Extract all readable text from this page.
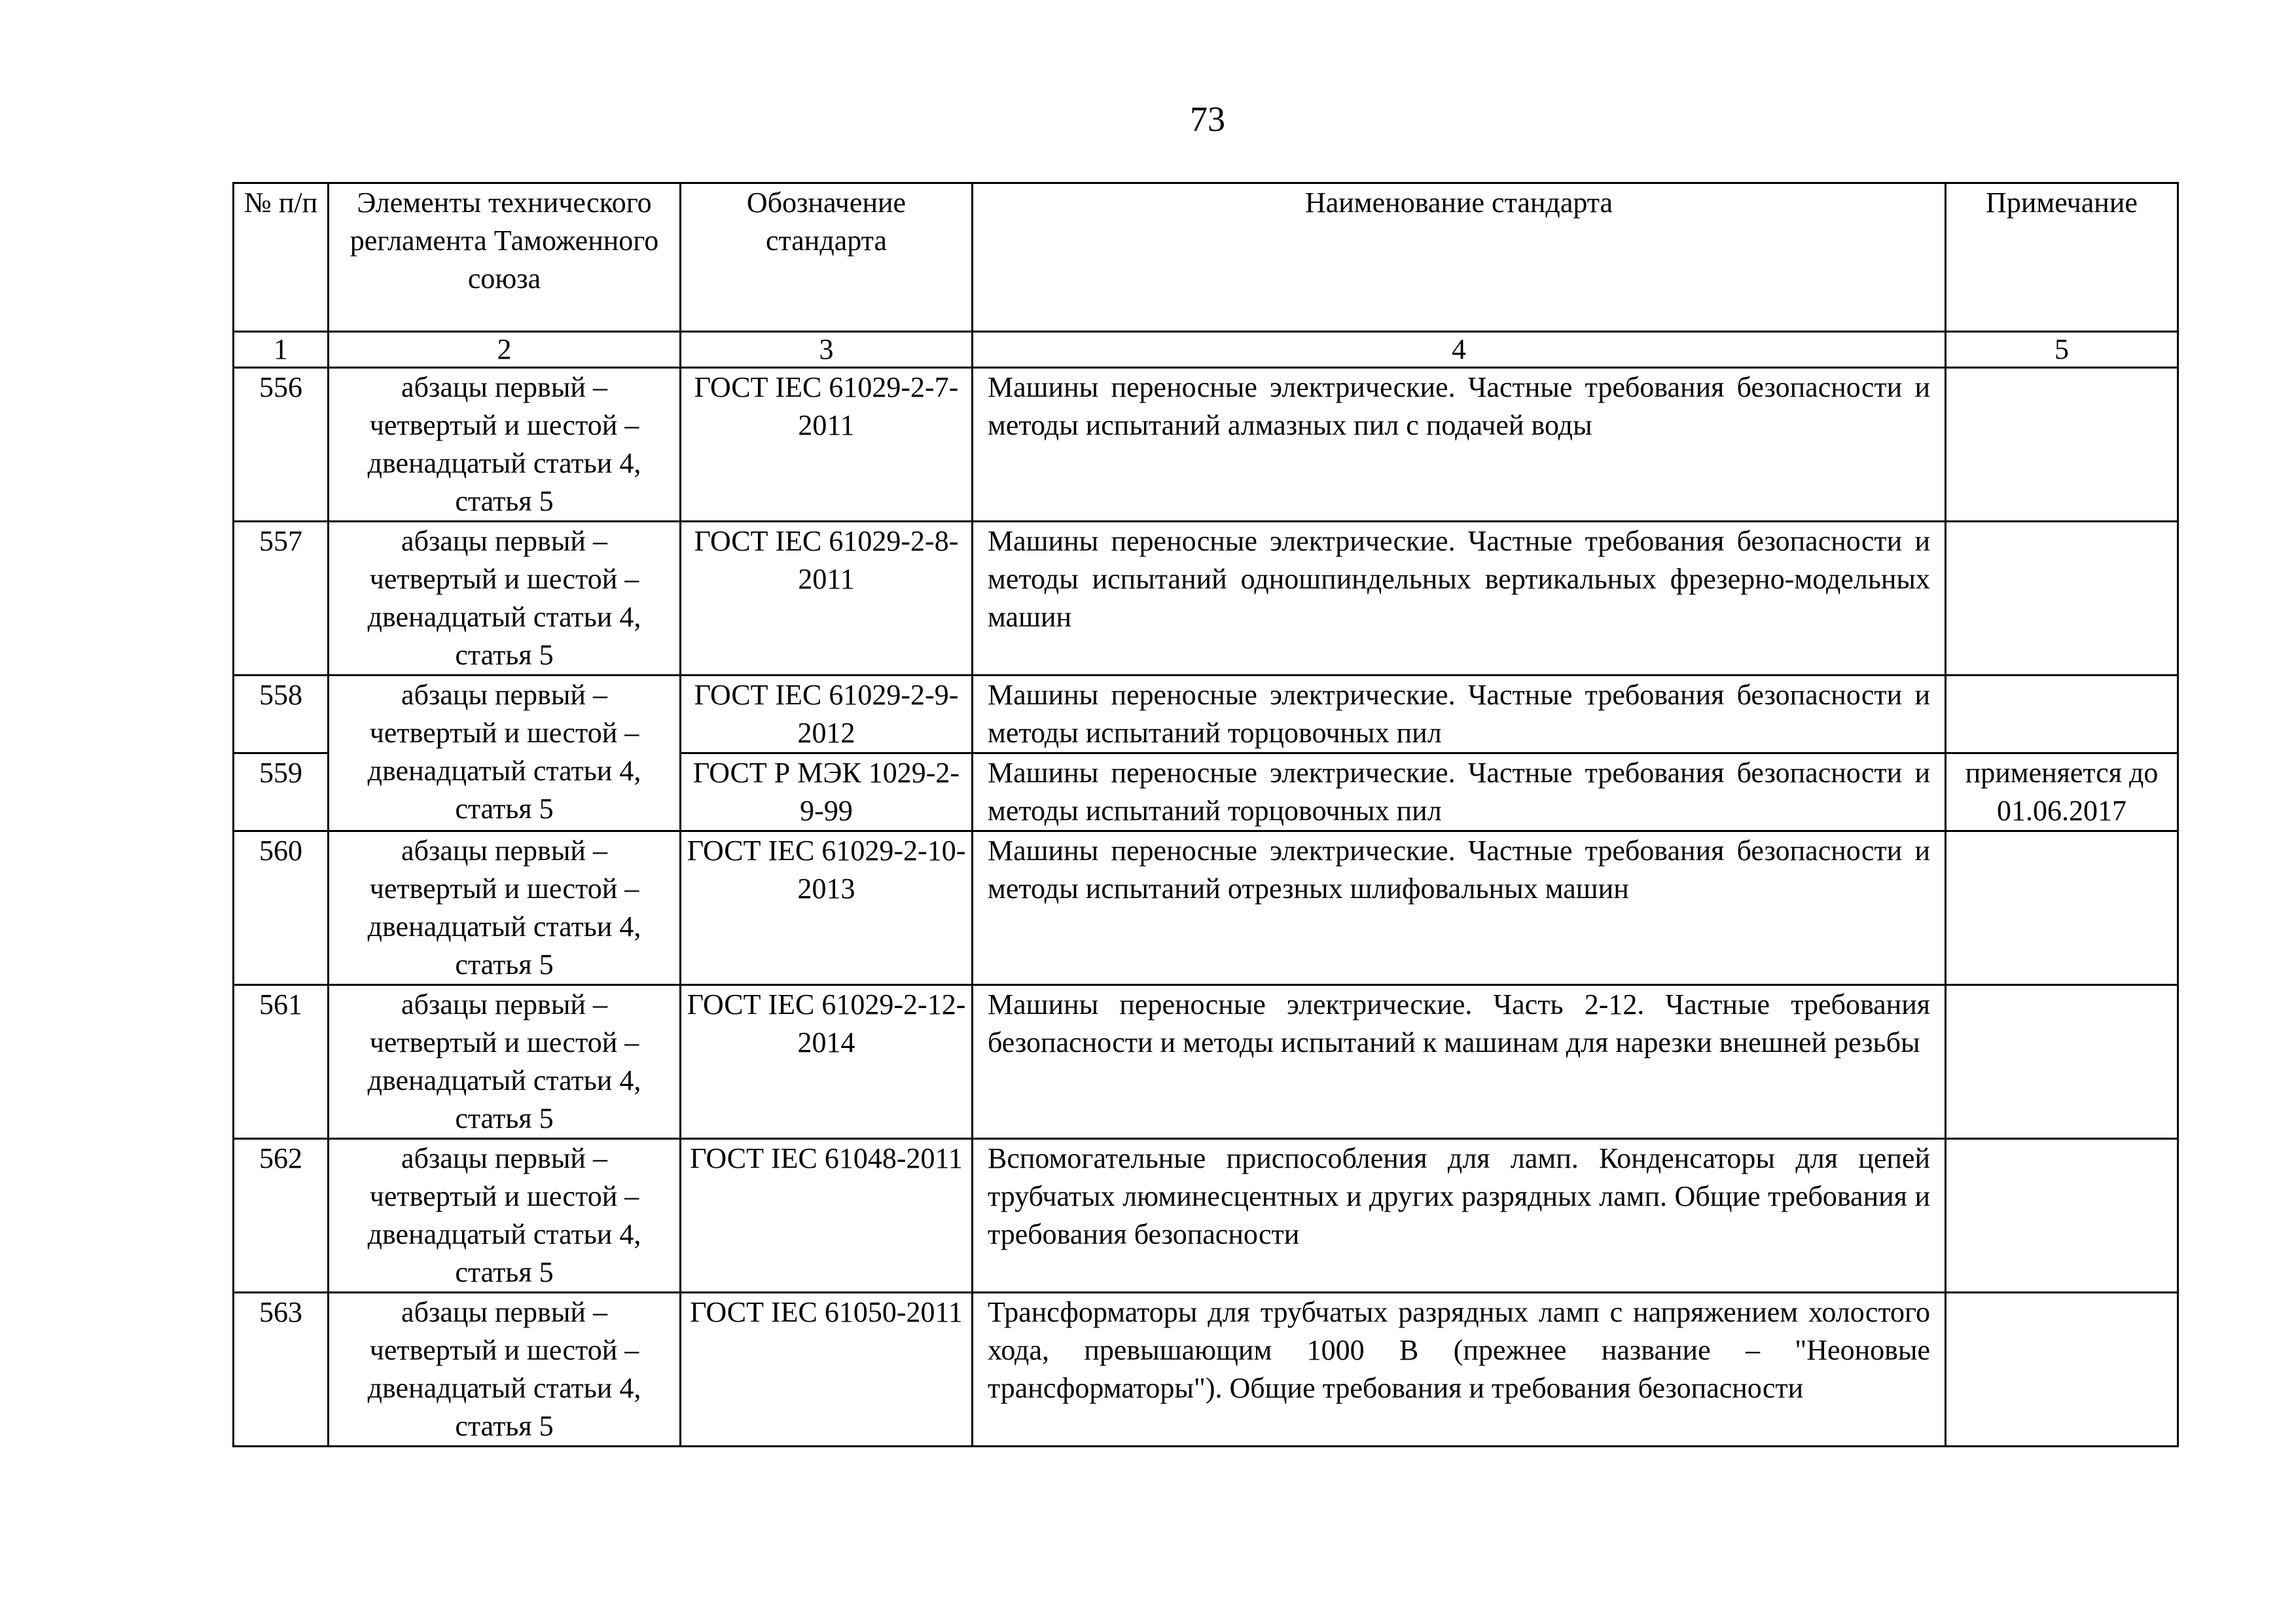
73
№ п/п	Элементы технического регламента Таможенного союза	Обозначение стандарта	Наименование стандарта	Примечание
1	2	3	4	5
556	абзацы первый – четвертый и шестой – двенадцатый статьи 4, статья 5	ГОСТ IEC 61029-2-7-2011	Машины переносные электрические. Частные требования безопасности и методы испытаний алмазных пил с подачей воды	
557	абзацы первый – четвертый и шестой – двенадцатый статьи 4, статья 5	ГОСТ IEC 61029-2-8-2011	Машины переносные электрические. Частные требования безопасности и методы испытаний одношпиндельных вертикальных фрезерно-модельных машин	
558	абзацы первый – четвертый и шестой – двенадцатый статьи 4, статья 5	ГОСТ IEC 61029-2-9-2012	Машины переносные электрические. Частные требования безопасности и методы испытаний торцовочных пил	
559		ГОСТ Р МЭК 1029-2-9-99	Машины переносные электрические. Частные требования безопасности и методы испытаний торцовочных пил	применяется до 01.06.2017
560	абзацы первый – четвертый и шестой – двенадцатый статьи 4, статья 5	ГОСТ IEC 61029-2-10-2013	Машины переносные электрические. Частные требования безопасности и методы испытаний отрезных шлифовальных машин	
561	абзацы первый – четвертый и шестой – двенадцатый статьи 4, статья 5	ГОСТ IEC 61029-2-12-2014	Машины переносные электрические. Часть 2-12. Частные требования безопасности и методы испытаний к машинам для нарезки внешней резьбы	
562	абзацы первый – четвертый и шестой – двенадцатый статьи 4, статья 5	ГОСТ IEC 61048-2011	Вспомогательные приспособления для ламп. Конденсаторы для цепей трубчатых люминесцентных и других разрядных ламп. Общие требования и требования безопасности	
563	абзацы первый – четвертый и шестой – двенадцатый статьи 4, статья 5	ГОСТ IEC 61050-2011	Трансформаторы для трубчатых разрядных ламп с напряжением холостого хода, превышающим 1000 В (прежнее название – "Неоновые трансформаторы"). Общие требования и требования безопасности	
